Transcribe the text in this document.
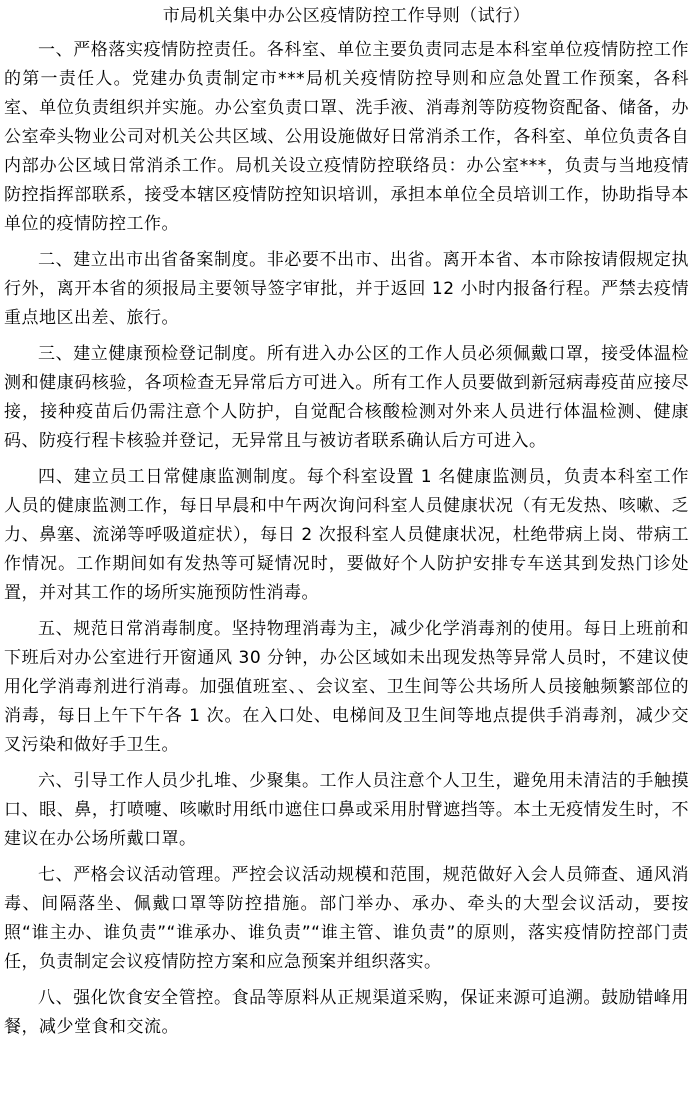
市局机关集中办公区疫情防控工作导则（试行）

一、严格落实疫情防控责任。各科室、单位主要负责同志是本科室单位疫情防控工作的第一责任人。党建办负责制定市***局机关疫情防控导则和应急处置工作预案，各科室、单位负责组织并实施。办公室负责口罩、洗手液、消毒剂等防疫物资配备、储备，办公室牵头物业公司对机关公共区域、公用设施做好日常消杀工作，各科室、单位负责各自内部办公区域日常消杀工作。局机关设立疫情防控联络员：办公室***，负责与当地疫情防控指挥部联系，接受本辖区疫情防控知识培训，承担本单位全员培训工作，协助指导本单位的疫情防控工作。

二、建立出市出省备案制度。非必要不出市、出省。离开本省、本市除按请假规定执行外，离开本省的须报局主要领导签字审批，并于返回 12 小时内报备行程。严禁去疫情重点地区出差、旅行。

三、建立健康预检登记制度。所有进入办公区的工作人员必须佩戴口罩，接受体温检测和健康码核验，各项检查无异常后方可进入。所有工作人员要做到新冠病毒疫苗应接尽接，接种疫苗后仍需注意个人防护，自觉配合核酸检测对外来人员进行体温检测、健康码、防疫行程卡核验并登记，无异常且与被访者联系确认后方可进入。

四、建立员工日常健康监测制度。每个科室设置 1 名健康监测员，负责本科室工作人员的健康监测工作，每日早晨和中午两次询问科室人员健康状况（有无发热、咳嗽、乏力、鼻塞、流涕等呼吸道症状），每日 2 次报科室人员健康状况，杜绝带病上岗、带病工作情况。工作期间如有发热等可疑情况时，要做好个人防护安排专车送其到发热门诊处置，并对其工作的场所实施预防性消毒。

五、规范日常消毒制度。坚持物理消毒为主，减少化学消毒剂的使用。每日上班前和下班后对办公室进行开窗通风 30 分钟，办公区域如未出现发热等异常人员时，不建议使用化学消毒剂进行消毒。加强值班室、、会议室、卫生间等公共场所人员接触频繁部位的消毒，每日上午下午各 1 次。在入口处、电梯间及卫生间等地点提供手消毒剂，减少交叉污染和做好手卫生。

六、引导工作人员少扎堆、少聚集。工作人员注意个人卫生，避免用未清洁的手触摸口、眼、鼻，打喷嚏、咳嗽时用纸巾遮住口鼻或采用肘臂遮挡等。本土无疫情发生时，不建议在办公场所戴口罩。

七、严格会议活动管理。严控会议活动规模和范围，规范做好入会人员筛查、通风消毒、间隔落坐、佩戴口罩等防控措施。部门举办、承办、牵头的大型会议活动，要按照“谁主办、谁负责”“谁承办、谁负责”“谁主管、谁负责”的原则，落实疫情防控部门责任，负责制定会议疫情防控方案和应急预案并组织落实。

八、强化饮食安全管控。食品等原料从正规渠道采购，保证来源可追溯。鼓励错峰用餐，减少堂食和交流。
